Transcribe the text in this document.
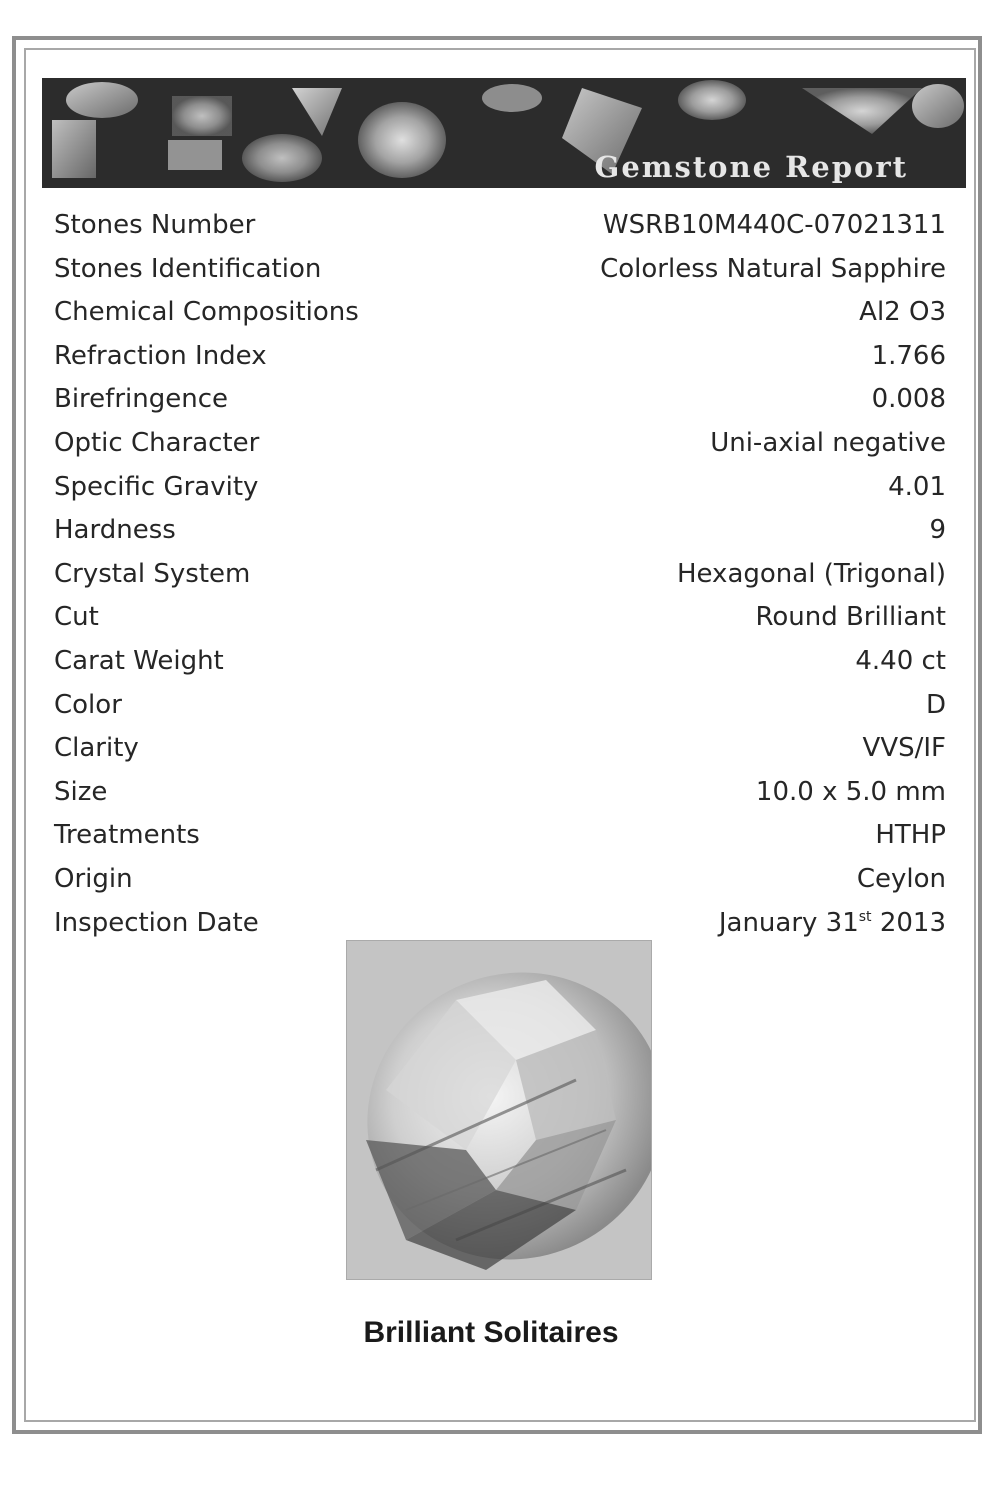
Gemstone Report
Stones Number	WSRB10M440C-07021311
Stones Identification	Colorless Natural Sapphire
Chemical Compositions	Al2 O3
Refraction Index	1.766
Birefringence	0.008
Optic Character	Uni-axial negative
Specific Gravity	4.01
Hardness	9
Crystal System	Hexagonal (Trigonal)
Cut	Round Brilliant
Carat Weight	4.40 ct
Color	D
Clarity	VVS/IF
Size	10.0 x 5.0 mm
Treatments	HTHP
Origin	Ceylon
Inspection Date	January 31st 2013
Brilliant Solitaires
